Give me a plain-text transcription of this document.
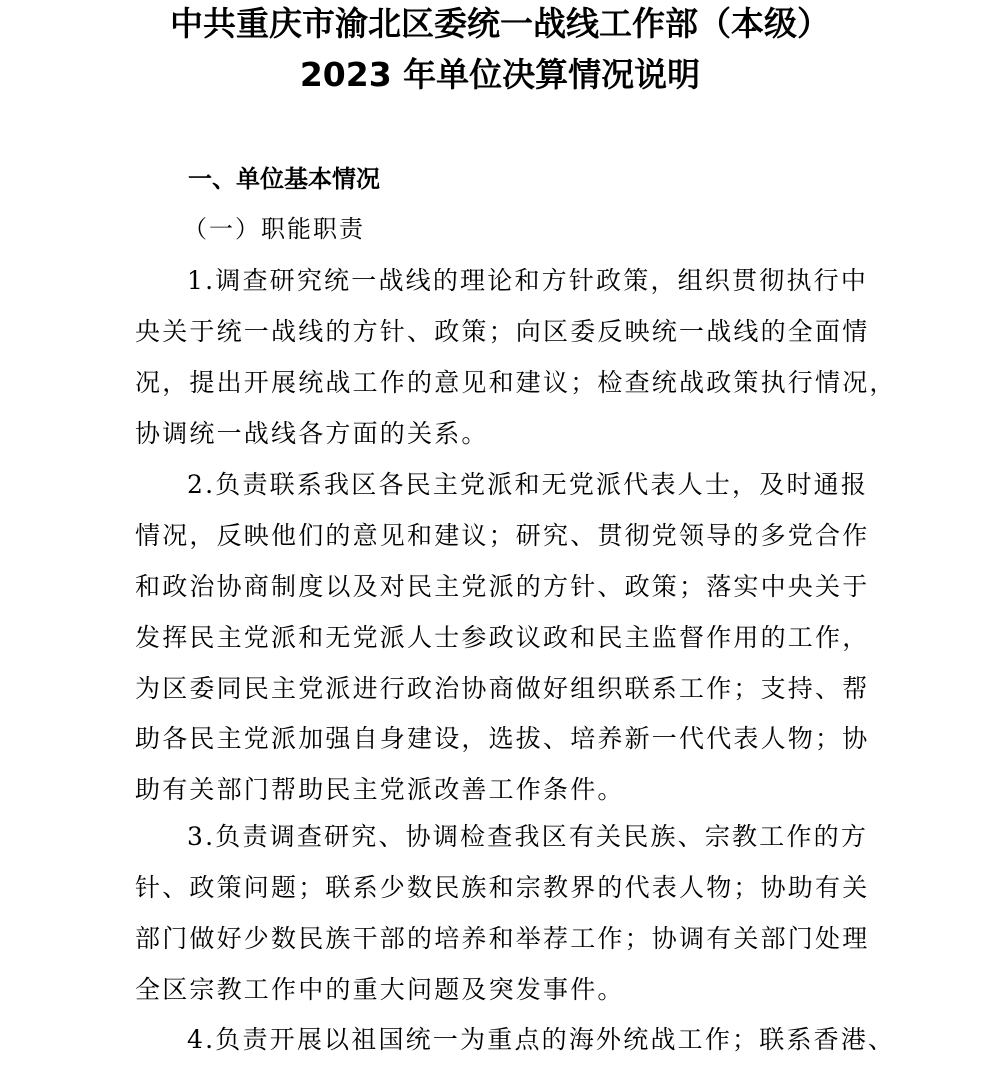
中共重庆市渝北区委统一战线工作部（本级）
2023 年单位决算情况说明
一、单位基本情况
（一）职能职责
1.调查研究统一战线的理论和方针政策，组织贯彻执行中
央关于统一战线的方针、政策；向区委反映统一战线的全面情
况，提出开展统战工作的意见和建议；检查统战政策执行情况，
协调统一战线各方面的关系。
2.负责联系我区各民主党派和无党派代表人士，及时通报
情况，反映他们的意见和建议；研究、贯彻党领导的多党合作
和政治协商制度以及对民主党派的方针、政策；落实中央关于
发挥民主党派和无党派人士参政议政和民主监督作用的工作，
为区委同民主党派进行政治协商做好组织联系工作；支持、帮
助各民主党派加强自身建设，选拔、培养新一代代表人物；协
助有关部门帮助民主党派改善工作条件。
3.负责调查研究、协调检查我区有关民族、宗教工作的方
针、政策问题；联系少数民族和宗教界的代表人物；协助有关
部门做好少数民族干部的培养和举荐工作；协调有关部门处理
全区宗教工作中的重大问题及突发事件。
4.负责开展以祖国统一为重点的海外统战工作；联系香港、
